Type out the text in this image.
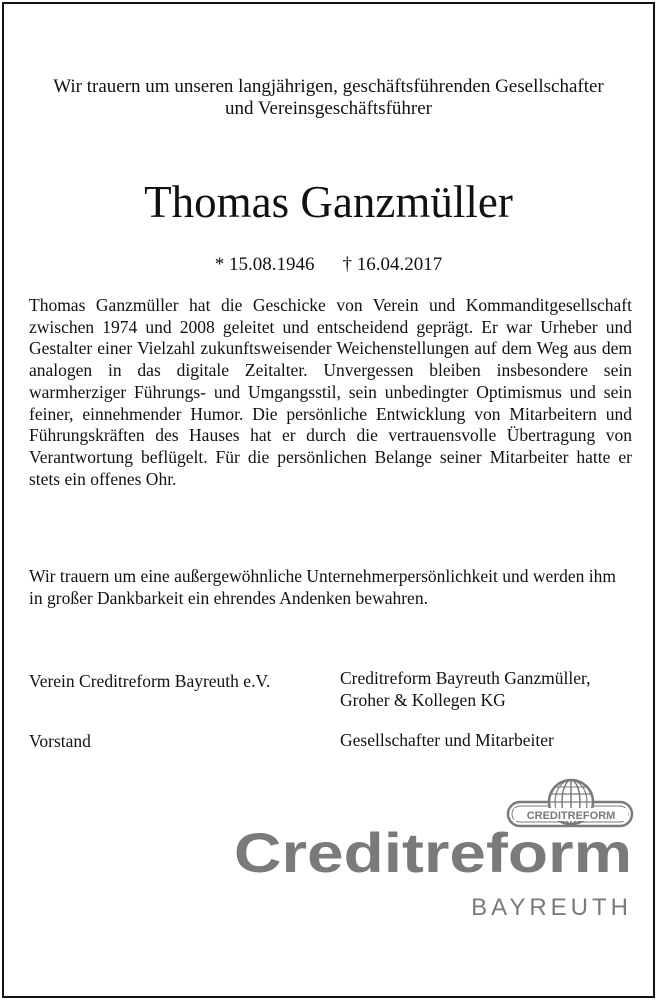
Wir trauern um unseren langjährigen, geschäftsführenden Gesellschafter
und Vereinsgeschäftsführer
Thomas Ganzmüller
* 15.08.1946 † 16.04.2017
Thomas Ganzmüller hat die Geschicke von Verein und Kommanditgesellschaft zwischen 1974 und 2008 geleitet und entscheidend geprägt. Er war Urheber und Gestalter einer Vielzahl zukunftsweisender Weichenstellungen auf dem Weg aus dem analogen in das digitale Zeitalter. Unvergessen bleiben insbesondere sein warmherziger Führungs- und Umgangsstil, sein unbedingter Optimismus und sein feiner, einnehmender Humor. Die persönliche Entwicklung von Mitarbeitern und Führungskräften des Hauses hat er durch die vertrauensvolle Übertragung von Verantwortung beflügelt. Für die persönlichen Belange seiner Mitarbeiter hatte er stets ein offenes Ohr.
Wir trauern um eine außergewöhnliche Unternehmerpersönlichkeit und werden ihm in großer Dankbarkeit ein ehrendes Andenken bewahren.
Verein Creditreform Bayreuth e.V.
Vorstand
Creditreform Bayreuth Ganzmüller,
Groher & Kollegen KG
Gesellschafter und Mitarbeiter
CREDITREFORM
Creditreform
BAYREUTH
